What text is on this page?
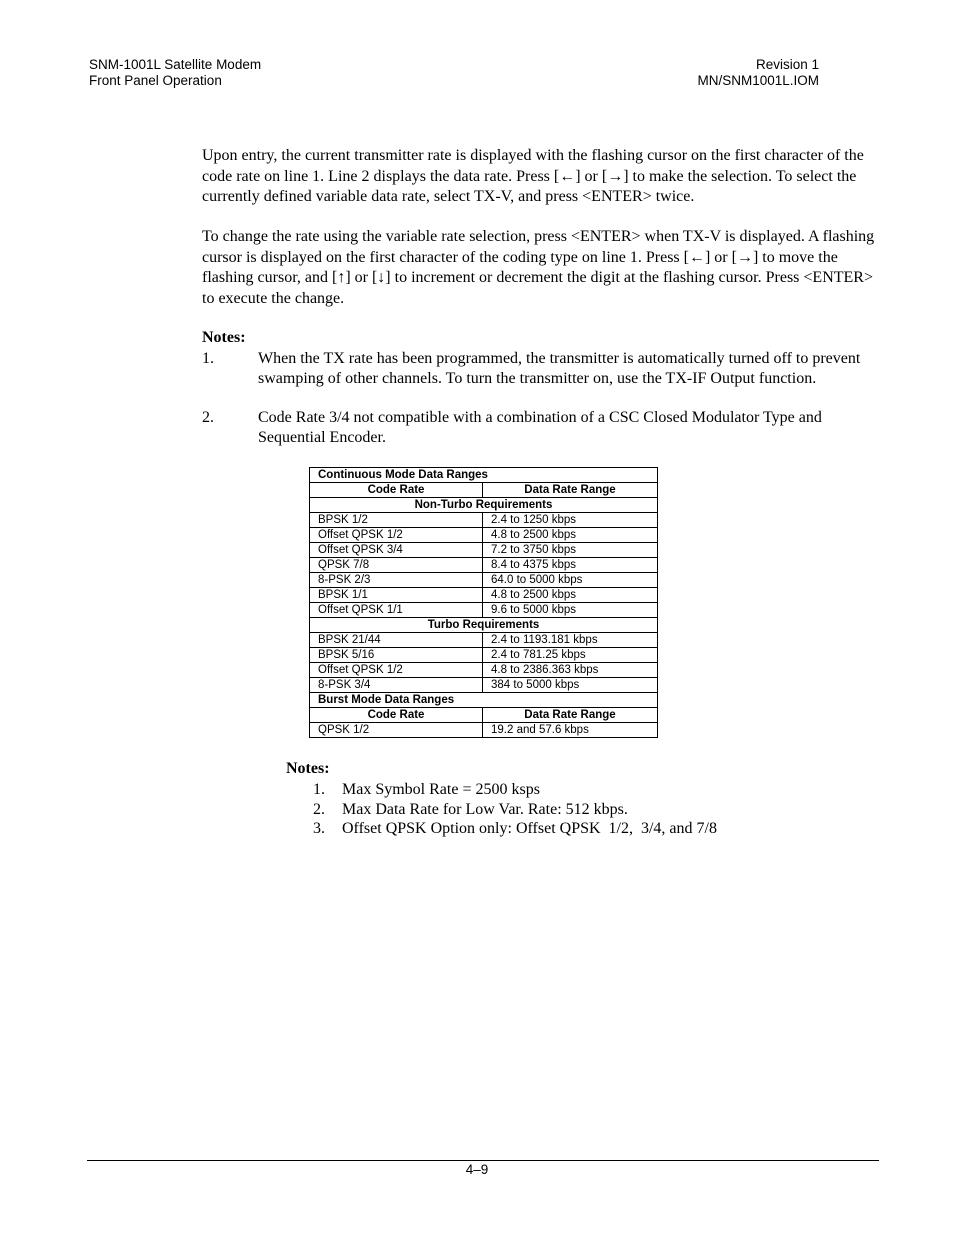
SNM-1001L Satellite Modem
Front Panel Operation
Revision 1
MN/SNM1001L.IOM
Upon entry, the current transmitter rate is displayed with the flashing cursor on the first character of the code rate on line 1. Line 2 displays the data rate. Press [←] or [→] to make the selection. To select the currently defined variable data rate, select TX-V, and press <ENTER> twice.
To change the rate using the variable rate selection, press <ENTER> when TX-V is displayed. A flashing cursor is displayed on the first character of the coding type on line 1. Press [←] or [→] to move the flashing cursor, and [↑] or [↓] to increment or decrement the digit at the flashing cursor. Press <ENTER> to execute the change.
Notes:
1.	When the TX rate has been programmed, the transmitter is automatically turned off to prevent swamping of other channels. To turn the transmitter on, use the TX-IF Output function.
2.	Code Rate 3/4 not compatible with a combination of a CSC Closed Modulator Type and Sequential Encoder.
Continuous Mode Data Ranges	
Code Rate	Data Rate Range
Non-Turbo Requirements	
BPSK 1/2	2.4 to 1250 kbps
Offset QPSK 1/2	4.8 to 2500 kbps
Offset QPSK 3/4	7.2 to 3750 kbps
QPSK 7/8	8.4 to 4375 kbps
8-PSK 2/3	64.0 to 5000 kbps
BPSK 1/1	4.8 to 2500 kbps
Offset QPSK 1/1	9.6 to 5000 kbps
Turbo Requirements	
BPSK 21/44	2.4 to 1193.181 kbps
BPSK 5/16	2.4 to 781.25 kbps
Offset QPSK 1/2	4.8 to 2386.363 kbps
8-PSK 3/4	384 to 5000 kbps
Burst Mode Data Ranges	
Code Rate	Data Rate Range
QPSK 1/2	19.2 and 57.6 kbps
Notes:
1. Max Symbol Rate = 2500 ksps
2. Max Data Rate for Low Var. Rate: 512 kbps.
3. Offset QPSK Option only: Offset QPSK  1/2,  3/4, and 7/8
4–9
